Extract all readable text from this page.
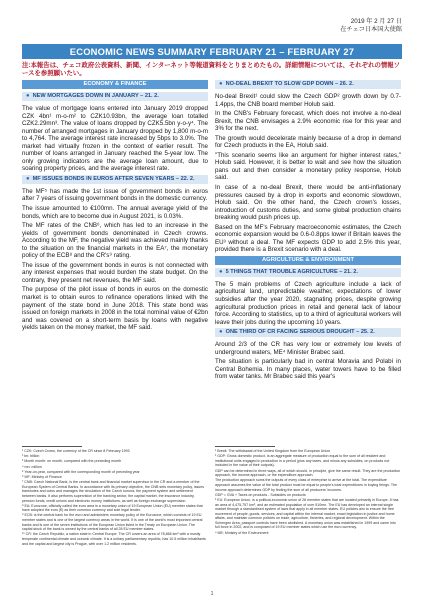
2019 年 2 月 27 日
在チェコ日本国大使館
ECONOMIC NEWS SUMMARY FEBRUARY 21 – FEBRUARY 27
注:本報告は、チェコ政府公表資料、新聞、インターネット等報道資料をとりまとめたもの。詳細情報については、それぞれの情報ソースを参照願いたい。
ECONOMY & FINANCE
● NEW MORTGAGES DOWN IN JANUARY – 21. 2.

The value of mortgage loans entered into January 2019 dropped CZK 4bn¹ m-o-m² to CZK10.93bn, the average loan totalled CZK2.29mn³. The value of loans dropped by CZK5.5bn y-o-y⁴. The number of arranged mortgages in January dropped by 1,800 m-o-m to 4,764. The average interest rate increased by 5bps to 3.0%. The market had virtually frozen in the context of earlier result. The number of loans arranged in January reached the 5-year low. The only growing indicators are the average loan amount, due to soaring property prices, and the average interest rate.

● MF ISSUES BONDS IN EUROS AFTER SEVEN YEARS – 22. 2.

The MF⁵ has made the 1st issue of government bonds in euros after 7 years of issuing government bonds in the domestic currency.

The issue amounted to €100mn. The annual average yield of the bonds, which are to become due in August 2021, is 0.03%.

The MF rates of the CNB⁶, which has led to an increase in the yields of government bonds denominated in Czech crowns. According to the MF, the negative yield was achieved mainly thanks to the situation on the financial markets in the EA⁷, the monetary policy of the ECB⁸ and the CR's⁹ rating.

The issue of the government bonds in euros is not connected with any interest expenses that would burden the state budget. On the contrary, they present net revenues, the MF said.

The purpose of the pilot issue of bonds in euros on the domestic market is to obtain euros to refinance operations linked with the payment of the state bond in June 2018. This state bond was issued on foreign markets in 2008 in the total nominal value of €2bn and was covered on a short-term basis by loans with negative yields taken on the money market, the MF said.

● NO-DEAL BREXIT TO SLOW GDP DOWN – 26. 2.

No-deal Brexit¹ could slow the Czech GDP² growth down by 0.7-1.4pps, the CNB board member Holub said.

In the CNB's February forecast, which does not involve a no-deal Brexit, the CNB envisages a 2.9% economic rise for this year and 3% for the next.

The growth would decelerate mainly because of a drop in demand for Czech products in the EA, Holub said.

"This scenario seems like an argument for higher interest rates," Holub said. However, it is better to wait and see how the situation pans out and then consider a monetary policy response, Holub said.

In case of a no-deal Brexit, there would be anti-inflationary pressures caused by a drop in exports and economic slowdown, Holub said. On the other hand, the Czech crown's losses, introduction of customs duties, and some global production chains breaking would push prices up.

Based on the MF's February macroeconomic estimates, the Czech economic expansion would be 0.6-0.8pps lower if Britain leaves the EU³ without a deal. The MF expects GDP to add 2.5% this year, provided there is a Brexit scenario with a deal.

AGRICULTURE & ENVIRONMENT
● 5 THINGS THAT TROUBLE AGRICULTURE – 21. 2.

The 5 main problems of Czech agriculture include a lack of agricultural land, unpredictable weather, expectations of lower subsidies after the year 2020, stagnating prices, despite growing agricultural production prices in retail and general lack of labour force. According to statistics, up to a third of agricultural workers will leave their jobs during the upcoming 10 years.

● ONE THIRD OF CR FACING SERIOUS DROUGHT – 25. 2.

Around 2/3 of the CR has very low or extremely low levels of underground waters, ME⁴ Minister Brabec said.

The situation is particularly bad in central Moravia and Polabí in Central Bohemia. In many places, water towers have to be filled from water tanks. Mr Brabec said this year's

¹ CZK: Czech Crown, the currency of the CR since 8 February 1993
² bn: billion
³ Month month: on month, compared with the preceding month
⁴ mn: million
⁵ Year-on-year, compared with the corresponding month of preceding year
⁶ MF: Ministry of Finance
⁷ CNB: Czech National Bank, is the central bank and financial market supervisor in the CR and a member of the European System of Central Banks. In accordance with its primary objective, the CNB sets monetary policy, issues banknotes and coins and manages the circulation of the Czech koruna, the payment system and settlement between banks. It also performs supervision of the banking sector, the capital market, the insurance industry, pension funds, credit unions and electronic money institutions, as well as foreign exchange supervision.
⁸ EA: Eurozone, officially called the euro area is a monetary union of 19 European Union (EU) member states that have adopted the euro (€) as their common currency and sole legal tender.
⁹ ECB: is the central bank for the euro and administers monetary policy of the Eurozone, which consists of 19 EU member states and is one of the largest currency areas in the world. It is one of the world's most important central banks and is one of the seven institutions of the European Union listed in the Treaty on European Union. The capital stock of the bank is owned by the central banks of all 28 EU member states.
¹⁰ CR: the Czech Republic, a nation state in Central Europe. The CR covers an area of 78,866 km² with a mostly temperate continental climate and oceanic climate. It is a unitary parliamentary republic, has 10.5 million inhabitants and the capital and largest city is Prague, with over 1.2 million residents.
¹ Brexit: The withdrawal of the United Kingdom from the European Union
² GDP: Gross domestic product, is an aggregate measure of production equal to the sum of all resident and institutional units engaged in production in a period (plus any taxes, and minus any subsidies, on products not included in the value of their outputs).
GDP can be determined in three ways, all of which should, in principle, give the same result. They are the production approach, the income approach, or the expenditure approach.
The production approach sums the outputs of every class of enterprise to arrive at the total. The expenditure approach assumes the value of the total product must be equal to people's total expenditures in buying things. The income approach determines GDP by finding the sum of all producers' incomes.
GDP = GVA + Taxes on products - Subsidies on products
³ EU: European Union, is a political-economic union of 28 member states that are located primarily in Europe. It has an area of 4,475,757 km², and an estimated population of over 510mn. The EU has developed an internal single market through a standardised system of laws that apply in all member states. EU policies aim to ensure the free movement of people, goods, services, and capital within the internal market, enact legislation in justice and home affairs, and maintain common policies on trade, agriculture, fisheries, and regional development. Within the Schengen Area, passport controls have been abolished. A monetary union was established in 1999 and came into full force in 2002, and is composed of 19 EU member states which use the euro currency.
⁴ ME: Ministry of the Environment
1
